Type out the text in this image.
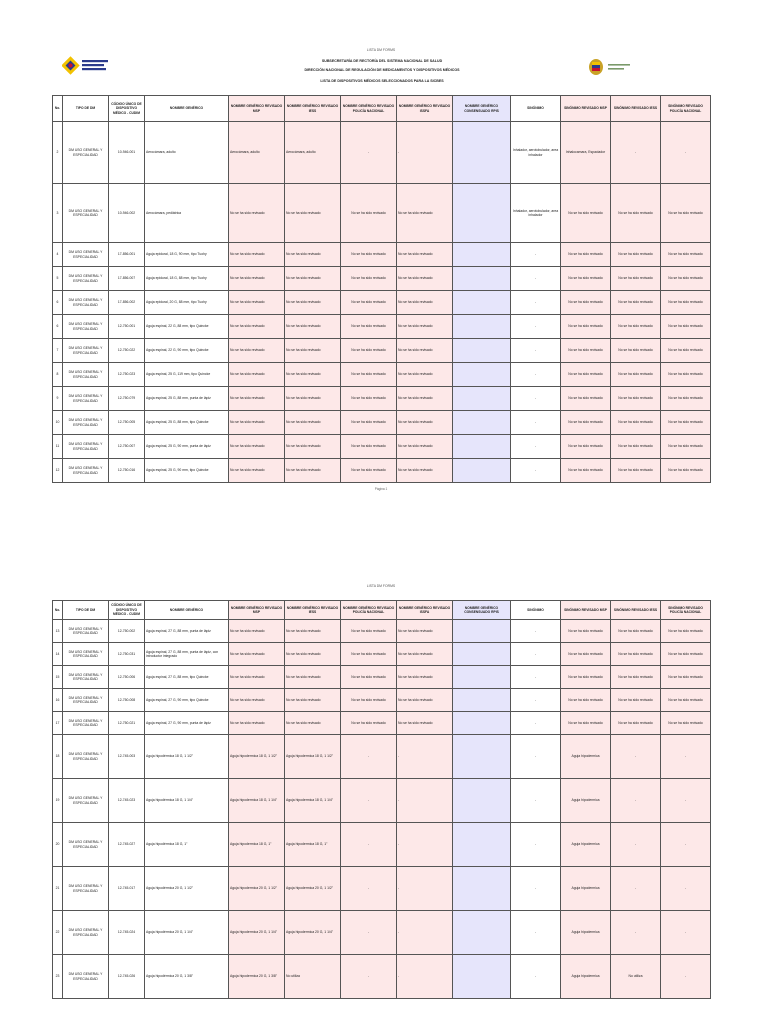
LISTA DM FORMS
SUBSECRETARÍA DE RECTORÍA DEL SISTEMA NACIONAL DE SALUD
DIRECCIÓN NACIONAL DE REGULACIÓN DE MEDICAMENTOS Y DISPOSITIVOS MÉDICOS
LISTA DE DISPOSITIVOS MÉDICOS SELECCIONADOS PARA LA SICBES
No.	TIPO DE DM	CÓDIGO ÚNICO DE DISPOSITIVO MÉDICO - CUDIM	NOMBRE GENÉRICO	NOMBRE GENÉRICO REVISADO MSP	NOMBRE GENÉRICO REVISADO IESS	NOMBRE GENÉRICO REVISADO POLICÍA NACIONAL	NOMBRE GENÉRICO REVISADO ISSFA	NOMBRE GENÉRICO CONSENSUADO RPIS	SINÓNIMO	SINÓNIMO REVISADO MSP	SINÓNIMO REVISADO IESS	SINÓNIMO REVISADO POLICÍA NACIONAL
2	DM USO GENERAL Y ESPECIALIDAD	10-946-001	Aerocámara, adulto	Aerocámara, adulto	Aerocámara, adulto	-	-		Inhalador, aerotobulador, area inhalador	Inhalocamara, Espaciador	-	-
3	DM USO GENERAL Y ESPECIALIDAD	10-946-002	Aerocámara, pediátrica	No se ha sido revisado	No se ha sido revisado	No se ha sido revisado	No se ha sido revisado		Inhalador, aerotobulador, area inhalador	No se ha sido revisado	No se ha sido revisado	No se ha sido revisado
4	DM USO GENERAL Y ESPECIALIDAD	17-856-001	Aguja epidural, 18 G, 90 mm, tipo Tuohy	No se ha sido revisado	No se ha sido revisado	No se ha sido revisado	No se ha sido revisado		-	No se ha sido revisado	No se ha sido revisado	No se ha sido revisado
5	DM USO GENERAL Y ESPECIALIDAD	17-856-007	Aguja epidural, 18 G, 88 mm, tipo Tuohy	No se ha sido revisado	No se ha sido revisado	No se ha sido revisado	No se ha sido revisado		-	No se ha sido revisado	No se ha sido revisado	No se ha sido revisado
6	DM USO GENERAL Y ESPECIALIDAD	17-856-002	Aguja epidural, 20 G, 88 mm, tipo Tuohy	No se ha sido revisado	No se ha sido revisado	No se ha sido revisado	No se ha sido revisado		-	No se ha sido revisado	No se ha sido revisado	No se ha sido revisado
6	DM USO GENERAL Y ESPECIALIDAD	12-750-001	Aguja espinal, 22 G, 88 mm, tipo Quincke	No se ha sido revisado	No se ha sido revisado	No se ha sido revisado	No se ha sido revisado		-	No se ha sido revisado	No se ha sido revisado	No se ha sido revisado
7	DM USO GENERAL Y ESPECIALIDAD	12-750-022	Aguja espinal, 22 G, 90 mm, tipo Quincke	No se ha sido revisado	No se ha sido revisado	No se ha sido revisado	No se ha sido revisado		-	No se ha sido revisado	No se ha sido revisado	No se ha sido revisado
8	DM USO GENERAL Y ESPECIALIDAD	12-750-023	Aguja espinal, 25 G, 119 mm, tipo Quincke	No se ha sido revisado	No se ha sido revisado	No se ha sido revisado	No se ha sido revisado		-	No se ha sido revisado	No se ha sido revisado	No se ha sido revisado
9	DM USO GENERAL Y ESPECIALIDAD	12-750-079	Aguja espinal, 25 G, 88 mm, punta de lápiz	No se ha sido revisado	No se ha sido revisado	No se ha sido revisado	No se ha sido revisado		-	No se ha sido revisado	No se ha sido revisado	No se ha sido revisado
10	DM USO GENERAL Y ESPECIALIDAD	12-750-005	Aguja espinal, 25 G, 88 mm, tipo Quincke	No se ha sido revisado	No se ha sido revisado	No se ha sido revisado	No se ha sido revisado		-	No se ha sido revisado	No se ha sido revisado	No se ha sido revisado
11	DM USO GENERAL Y ESPECIALIDAD	12-750-007	Aguja espinal, 25 G, 90 mm, punta de lápiz	No se ha sido revisado	No se ha sido revisado	No se ha sido revisado	No se ha sido revisado		-	No se ha sido revisado	No se ha sido revisado	No se ha sido revisado
12	DM USO GENERAL Y ESPECIALIDAD	12-750-016	Aguja espinal, 25 G, 90 mm, tipo Quincke	No se ha sido revisado	No se ha sido revisado	No se ha sido revisado	No se ha sido revisado		-	No se ha sido revisado	No se ha sido revisado	No se ha sido revisado
Página 1
LISTA DM FORMS
No.	TIPO DE DM	CÓDIGO ÚNICO DE DISPOSITIVO MÉDICO - CUDIM	NOMBRE GENÉRICO	NOMBRE GENÉRICO REVISADO MSP	NOMBRE GENÉRICO REVISADO IESS	NOMBRE GENÉRICO REVISADO POLICÍA NACIONAL	NOMBRE GENÉRICO REVISADO ISSFA	NOMBRE GENÉRICO CONSENSUADO RPIS	SINÓNIMO	SINÓNIMO REVISADO MSP	SINÓNIMO REVISADO IESS	SINÓNIMO REVISADO POLICÍA NACIONAL
13	DM USO GENERAL Y ESPECIALIDAD	12-750-002	Aguja espinal, 27 G, 88 mm, punta de lápiz	No se ha sido revisado	No se ha sido revisado	No se ha sido revisado	No se ha sido revisado		-	No se ha sido revisado	No se ha sido revisado	No se ha sido revisado
14	DM USO GENERAL Y ESPECIALIDAD	12-750-031	Aguja espinal, 27 G, 88 mm, punta de lápiz, con introductor integrado	No se ha sido revisado	No se ha sido revisado	No se ha sido revisado	No se ha sido revisado		-	No se ha sido revisado	No se ha sido revisado	No se ha sido revisado
15	DM USO GENERAL Y ESPECIALIDAD	12-750-006	Aguja espinal, 27 G, 88 mm, tipo Quincke	No se ha sido revisado	No se ha sido revisado	No se ha sido revisado	No se ha sido revisado		-	No se ha sido revisado	No se ha sido revisado	No se ha sido revisado
16	DM USO GENERAL Y ESPECIALIDAD	12-750-008	Aguja espinal, 27 G, 90 mm, tipo Quincke	No se ha sido revisado	No se ha sido revisado	No se ha sido revisado	No se ha sido revisado		-	No se ha sido revisado	No se ha sido revisado	No se ha sido revisado
17	DM USO GENERAL Y ESPECIALIDAD	12-750-021	Aguja espinal, 27 G, 90 mm, punta de lápiz	No se ha sido revisado	No se ha sido revisado	No se ha sido revisado	No se ha sido revisado		-	No se ha sido revisado	No se ha sido revisado	No se ha sido revisado
18	DM USO GENERAL Y ESPECIALIDAD	12-745-003	Aguja hipodérmica 18 G, 1 1/2"	Aguja hipodermica 18 G, 1 1/2"	Aguja hipodermica 18 G, 1 1/2"	-	-		-	Aguja hipodermica	-	-
19	DM USO GENERAL Y ESPECIALIDAD	12-745-023	Aguja hipodérmica 18 G, 1 1/4"	Aguja hipodermica 18 G, 1 1/4"	Aguja hipodermica 18 G, 1 1/4"	-	-		-	Aguja hipodermica	-	-
20	DM USO GENERAL Y ESPECIALIDAD	12-745-027	Aguja hipodérmica 18 G, 1"	Aguja hipodermica 18 G, 1"	Aguja hipodermica 18 G, 1"	-	-		-	Aguja hipodermica	-	-
21	DM USO GENERAL Y ESPECIALIDAD	12-745-017	Aguja hipodérmica 20 G, 1 1/2"	Aguja hipodermica 20 G, 1 1/2"	Aguja hipodermica 20 G, 1 1/2"	-	-		-	Aguja hipodermica	-	-
22	DM USO GENERAL Y ESPECIALIDAD	12-745-024	Aguja hipodérmica 20 G, 1 1/4"	Aguja hipodermica 20 G, 1 1/4"	Aguja hipodermica 20 G, 1 1/4"	-	-		-	Aguja hipodermica	-	-
23	DM USO GENERAL Y ESPECIALIDAD	12-745-026	Aguja hipodérmica 20 G, 1 3/8"	Aguja hipodermica 20 G, 1 3/8"	No utiliza	-	-		-	Aguja hipodermica	No utiliza	-
